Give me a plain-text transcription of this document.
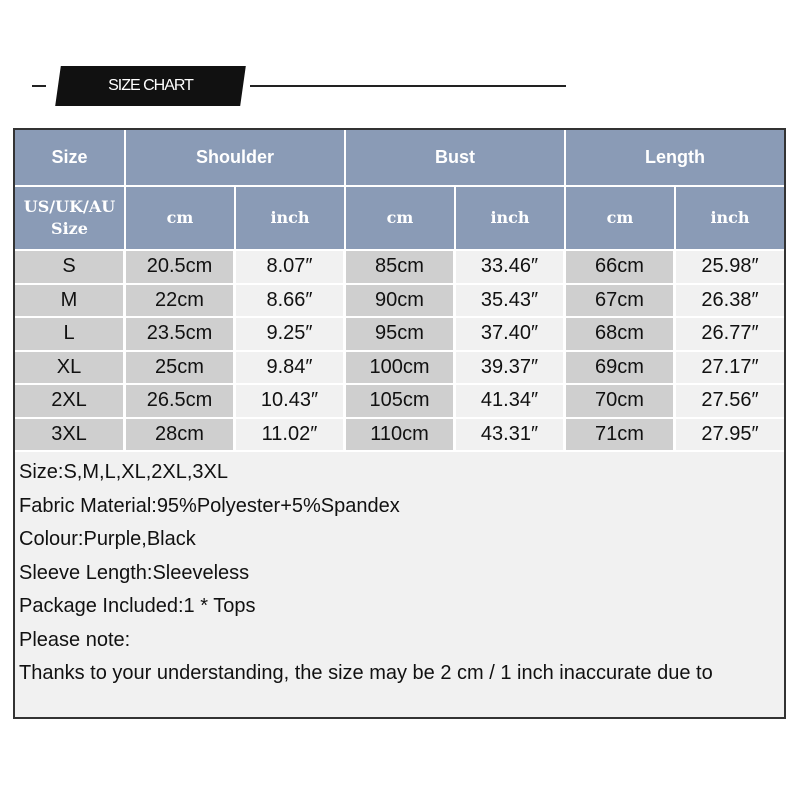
SIZE CHART
Size	Shoulder	Bust	Length
US/UK/AU
Size
cm	inch	cm	inch	cm	inch
S	20.5cm	8.07″	85cm	33.46″	66cm	25.98″
M	22cm	8.66″	90cm	35.43″	67cm	26.38″
L	23.5cm	9.25″	95cm	37.40″	68cm	26.77″
XL	25cm	9.84″	100cm	39.37″	69cm	27.17″
2XL	26.5cm	10.43″	105cm	41.34″	70cm	27.56″
3XL	28cm	11.02″	110cm	43.31″	71cm	27.95″
Size:S,M,L,XL,2XL,3XL
Fabric Material:95%Polyester+5%Spandex
Colour:Purple,Black
Sleeve Length:Sleeveless
Package Included:1 * Tops
Please note:
Thanks to your understanding, the size may be 2 cm / 1 inch inaccurate due to
